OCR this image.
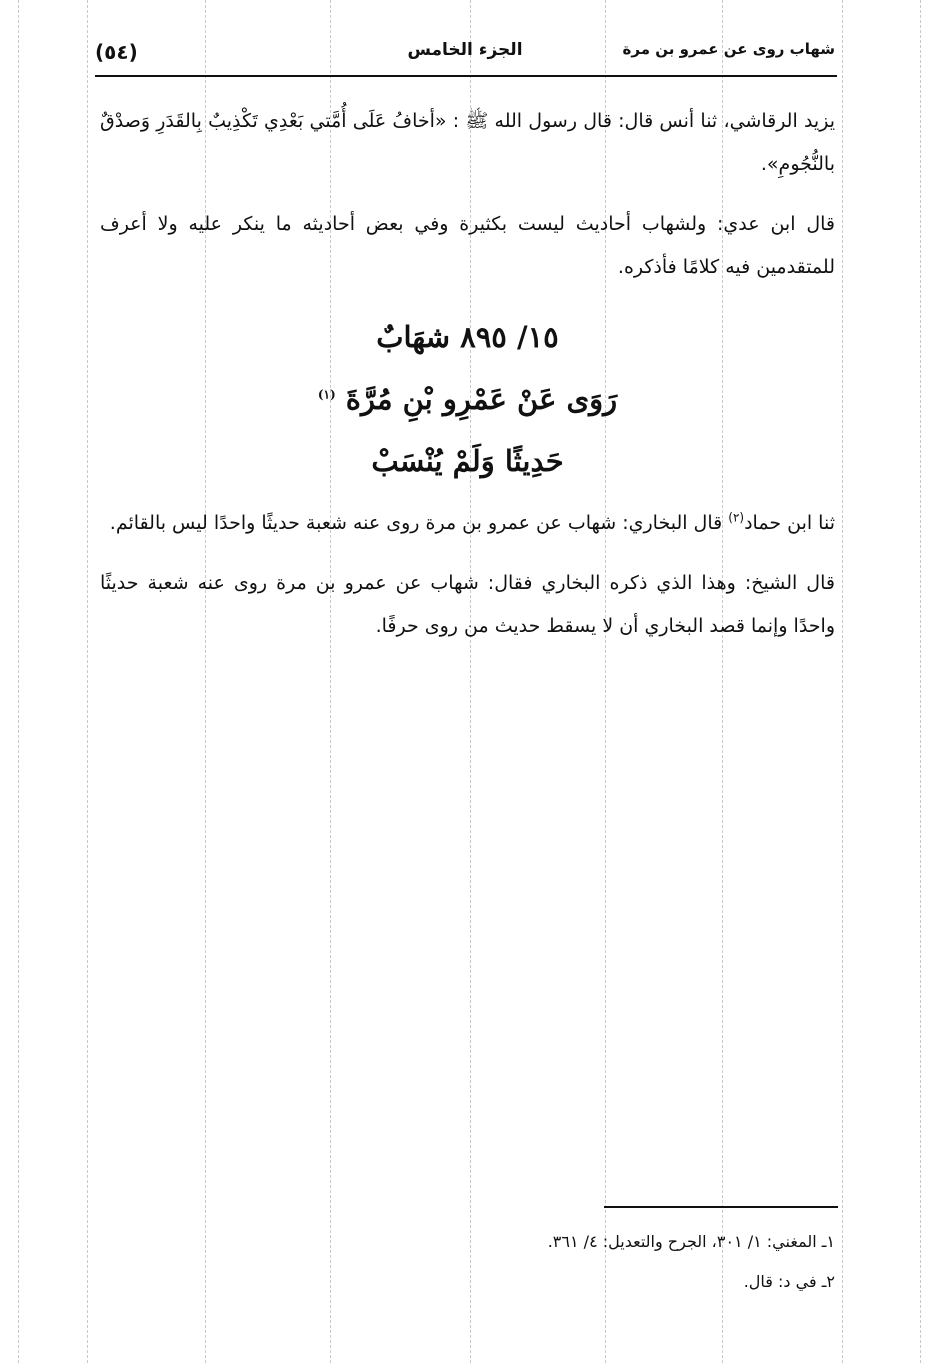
شهاب روى عن عمرو بن مرة
الجزء الخامس
(٥٤)

يزيد الرقاشي، ثنا أنس قال: قال رسول الله ﷺ : «أخافُ عَلَى أُمَّتي بَعْدِي تَكْذِيبٌ بِالقَدَرِ وَصدْقٌ بالنُّجُومِ».

قال ابن عدي: ولشهاب أحاديث ليست بكثيرة وفي بعض أحاديثه ما ينكر عليه ولا أعرف للمتقدمين فيه كلامًا فأذكره.

١٥/ ٨٩٥ شهَابٌ
رَوَى عَنْ عَمْرِو بْنِ مُرَّةَ $^{(١)}$
حَدِيثًا وَلَمْ يُنْسَبْ

ثنا ابن حماد$^{(٢)}$ قال البخاري: شهاب عن عمرو بن مرة روى عنه شعبة حديثًا واحدًا ليس بالقائم.

قال الشيخ: وهذا الذي ذكره البخاري فقال: شهاب عن عمرو بن مرة روى عنه شعبة حديثًا واحدًا وإنما قصد البخاري أن لا يسقط حديث من روى حرفًا.

١ـ المغني: ١/ ٣٠١، الجرح والتعديل: ٤/ ٣٦١.
٢ـ في د: قال.
